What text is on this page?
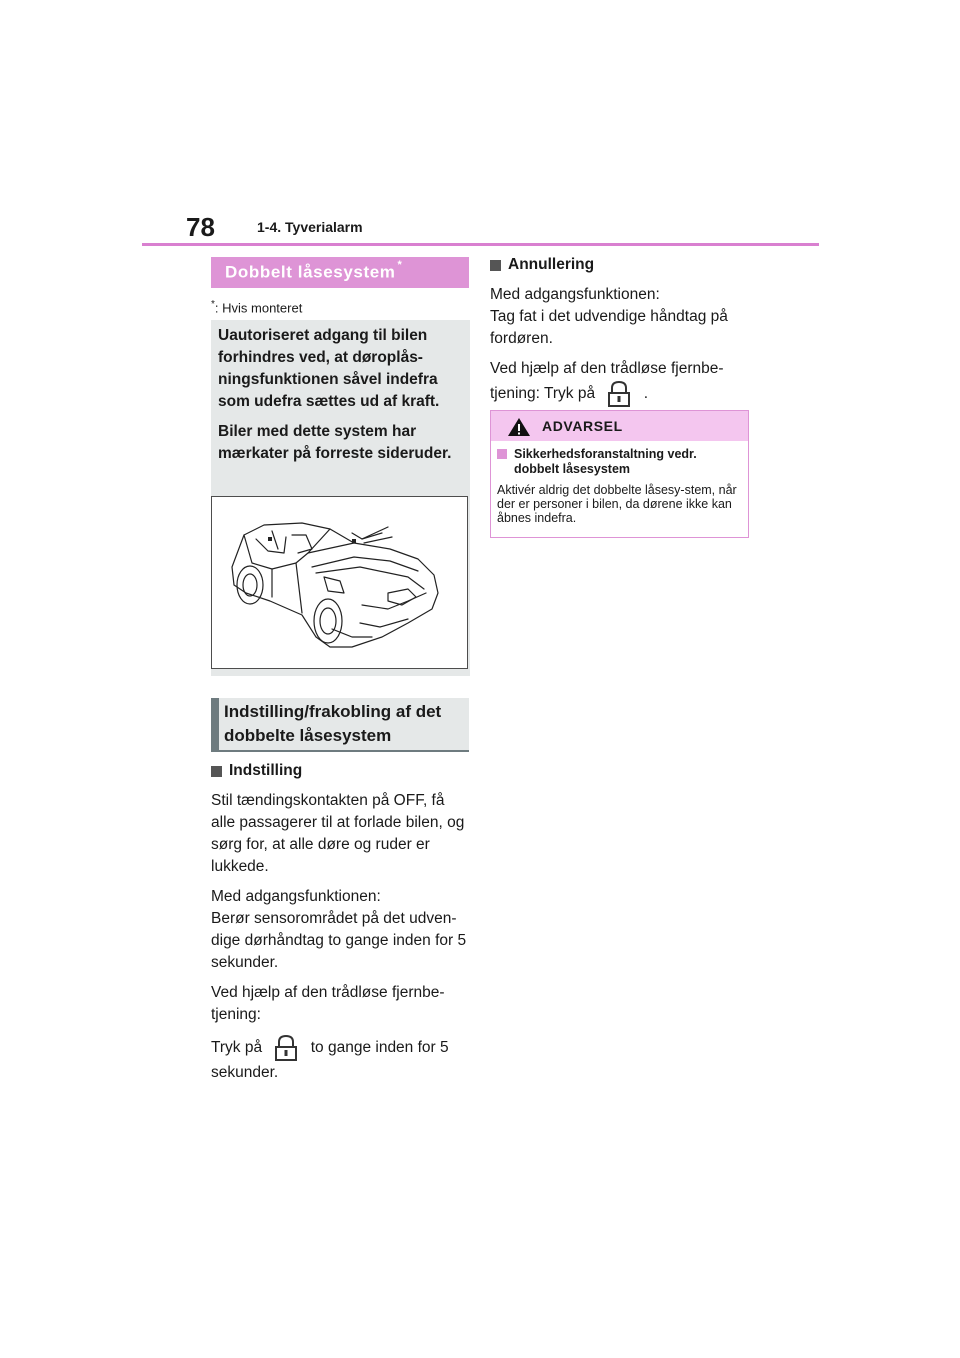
78	1-4. Tyverialarm
Dobbelt låsesystem *
*: Hvis monteret

Uautoriseret adgang til bilen forhindres ved, at døroplås-ningsfunktionen såvel indefra som udefra sættes ud af kraft.

Biler med dette system har mærkater på forreste sideruder.

Indstilling/frakobling af det dobbelte låsesystem

Indstilling

Stil tændingskontakten på OFF, få alle passagerer til at forlade bilen, og sørg for, at alle døre og ruder er lukkede.

Med adgangsfunktionen:
Berør sensorområdet på det udven-dige dørhåndtag to gange inden for 5 sekunder.

Ved hjælp af den trådløse fjernbe-tjening:

Tryk på	to gange inden for 5 sekunder.

Annullering

Med adgangsfunktionen:
Tag fat i det udvendige håndtag på fordøren.

Ved hjælp af den trådløse fjernbe-tjening: Tryk på	.

ADVARSEL
Sikkerhedsforanstaltning vedr. dobbelt låsesystem
Aktivér aldrig det dobbelte låsesy-stem, når der er personer i bilen, da dørene ikke kan åbnes indefra.
